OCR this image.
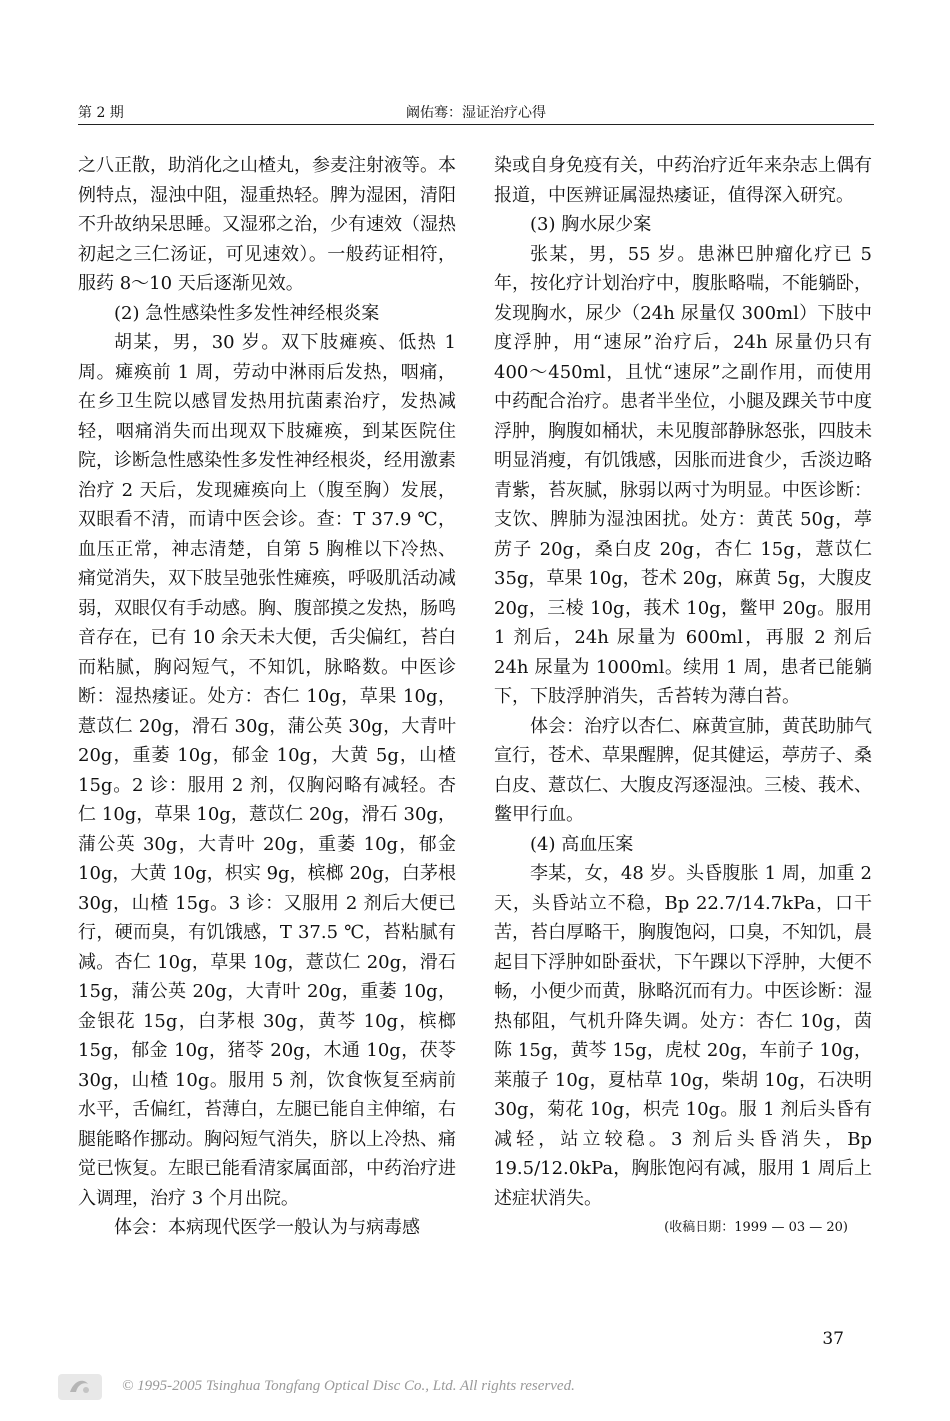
第 2 期	阚佑骞：湿证治疗心得

之八正散，助消化之山楂丸，参麦注射液等。本例特点，湿浊中阻，湿重热轻。脾为湿困，清阳不升故纳呆思睡。又湿邪之治，少有速效（湿热初起之三仁汤证，可见速效）。一般药证相符，服药 8～10 天后逐渐见效。

(2) 急性感染性多发性神经根炎案

胡某，男，30 岁。双下肢瘫痪、低热 1 周。瘫痪前 1 周，劳动中淋雨后发热，咽痛，在乡卫生院以感冒发热用抗菌素治疗，发热减轻，咽痛消失而出现双下肢瘫痪，到某医院住院，诊断急性感染性多发性神经根炎，经用激素治疗 2 天后，发现瘫痪向上（腹至胸）发展，双眼看不清，而请中医会诊。查：T 37.9 ℃，血压正常，神志清楚，自第 5 胸椎以下冷热、痛觉消失，双下肢呈弛张性瘫痪，呼吸肌活动减弱，双眼仅有手动感。胸、腹部摸之发热，肠鸣音存在，已有 10 余天未大便，舌尖偏红，苔白而粘腻，胸闷短气，不知饥，脉略数。中医诊断：湿热痿证。处方：杏仁 10g，草果 10g，薏苡仁 20g，滑石 30g，蒲公英 30g，大青叶 20g，重萎 10g，郁金 10g，大黄 5g，山楂 15g。2 诊：服用 2 剂，仅胸闷略有减轻。杏仁 10g，草果 10g，薏苡仁 20g，滑石 30g，蒲公英 30g，大青叶 20g，重萎 10g，郁金 10g，大黄 10g，枳实 9g，槟榔 20g，白茅根 30g，山楂 15g。3 诊：又服用 2 剂后大便已行，硬而臭，有饥饿感，T 37.5 ℃，苔粘腻有减。杏仁 10g，草果 10g，薏苡仁 20g，滑石 15g，蒲公英 20g，大青叶 20g，重萎 10g，金银花 15g，白茅根 30g，黄芩 10g，槟榔 15g，郁金 10g，猪苓 20g，木通 10g，茯苓 30g，山楂 10g。服用 5 剂，饮食恢复至病前水平，舌偏红，苔薄白，左腿已能自主伸缩，右腿能略作挪动。胸闷短气消失，脐以上冷热、痛觉已恢复。左眼已能看清家属面部，中药治疗进入调理，治疗 3 个月出院。

体会：本病现代医学一般认为与病毒感

染或自身免疫有关，中药治疗近年来杂志上偶有报道，中医辨证属湿热痿证，值得深入研究。

(3) 胸水尿少案

张某，男，55 岁。患淋巴肿瘤化疗已 5 年，按化疗计划治疗中，腹胀略喘，不能躺卧，发现胸水，尿少（24h 尿量仅 300ml）下肢中度浮肿，用“速尿”治疗后，24h 尿量仍只有 400～450ml，且忧“速尿”之副作用，而使用中药配合治疗。患者半坐位，小腿及踝关节中度浮肿，胸腹如桶状，未见腹部静脉怒张，四肢未明显消瘦，有饥饿感，因胀而进食少，舌淡边略青紫，苔灰腻，脉弱以两寸为明显。中医诊断：支饮、脾肺为湿浊困扰。处方：黄芪 50g，葶苈子 20g，桑白皮 20g，杏仁 15g，薏苡仁 35g，草果 10g，苍术 20g，麻黄 5g，大腹皮 20g，三棱 10g，莪术 10g，鳖甲 20g。服用 1 剂后，24h 尿量为 600ml，再服 2 剂后 24h 尿量为 1000ml。续用 1 周，患者已能躺下，下肢浮肿消失，舌苔转为薄白苔。

体会：治疗以杏仁、麻黄宣肺，黄芪助肺气宣行，苍术、草果醒脾，促其健运，葶苈子、桑白皮、薏苡仁、大腹皮泻逐湿浊。三棱、莪术、鳖甲行血。

(4) 高血压案

李某，女，48 岁。头昏腹胀 1 周，加重 2 天，头昏站立不稳，Bp 22.7/14.7kPa，口干苦，苔白厚略干，胸腹饱闷，口臭，不知饥，晨起目下浮肿如卧蚕状，下午踝以下浮肿，大便不畅，小便少而黄，脉略沉而有力。中医诊断：湿热郁阻，气机升降失调。处方：杏仁 10g，茵陈 15g，黄芩 15g，虎杖 20g，车前子 10g，莱菔子 10g，夏枯草 10g，柴胡 10g，石决明 30g，菊花 10g，枳壳 10g。服 1 剂后头昏有减轻，站立较稳。3 剂后头昏消失，Bp 19.5/12.0kPa，胸胀饱闷有减，服用 1 周后上述症状消失。

(收稿日期：1999 — 03 — 20)

37
© 1995-2005 Tsinghua Tongfang Optical Disc Co., Ltd. All rights reserved.
